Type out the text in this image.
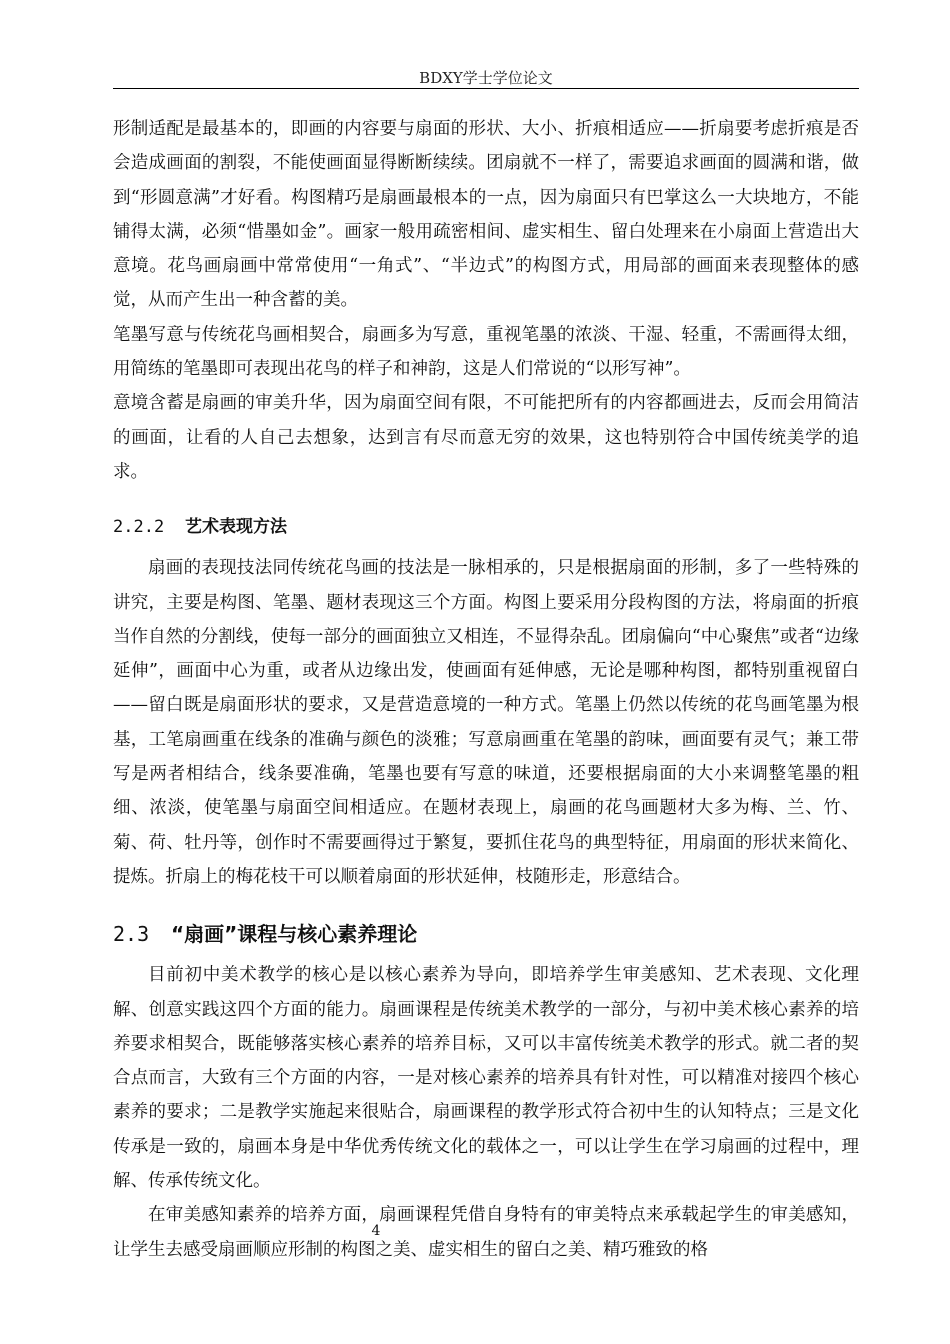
BDXY学士学位论文

形制适配是最基本的，即画的内容要与扇面的形状、大小、折痕相适应——折扇要考虑折痕是否会造成画面的割裂，不能使画面显得断断续续。团扇就不一样了，需要追求画面的圆满和谐，做到“形圆意满”才好看。构图精巧是扇画最根本的一点，因为扇面只有巴掌这么一大块地方，不能铺得太满，必须“惜墨如金”。画家一般用疏密相间、虚实相生、留白处理来在小扇面上营造出大意境。花鸟画扇画中常常使用“一角式”、“半边式”的构图方式，用局部的画面来表现整体的感觉，从而产生出一种含蓄的美。

笔墨写意与传统花鸟画相契合，扇画多为写意，重视笔墨的浓淡、干湿、轻重，不需画得太细，用简练的笔墨即可表现出花鸟的样子和神韵，这是人们常说的“以形写神”。

意境含蓄是扇画的审美升华，因为扇面空间有限，不可能把所有的内容都画进去，反而会用简洁的画面，让看的人自己去想象，达到言有尽而意无穷的效果，这也特别符合中国传统美学的追求。

2.2.2 艺术表现方法

扇画的表现技法同传统花鸟画的技法是一脉相承的，只是根据扇面的形制，多了一些特殊的讲究，主要是构图、笔墨、题材表现这三个方面。构图上要采用分段构图的方法，将扇面的折痕当作自然的分割线，使每一部分的画面独立又相连，不显得杂乱。团扇偏向“中心聚焦”或者“边缘延伸”，画面中心为重，或者从边缘出发，使画面有延伸感，无论是哪种构图，都特别重视留白——留白既是扇面形状的要求，又是营造意境的一种方式。笔墨上仍然以传统的花鸟画笔墨为根基，工笔扇画重在线条的准确与颜色的淡雅；写意扇画重在笔墨的韵味，画面要有灵气；兼工带写是两者相结合，线条要准确，笔墨也要有写意的味道，还要根据扇面的大小来调整笔墨的粗细、浓淡，使笔墨与扇面空间相适应。在题材表现上，扇画的花鸟画题材大多为梅、兰、竹、菊、荷、牡丹等，创作时不需要画得过于繁复，要抓住花鸟的典型特征，用扇面的形状来简化、提炼。折扇上的梅花枝干可以顺着扇面的形状延伸，枝随形走，形意结合。

2.3 “扇画”课程与核心素养理论

目前初中美术教学的核心是以核心素养为导向，即培养学生审美感知、艺术表现、文化理解、创意实践这四个方面的能力。扇画课程是传统美术教学的一部分，与初中美术核心素养的培养要求相契合，既能够落实核心素养的培养目标，又可以丰富传统美术教学的形式。就二者的契合点而言，大致有三个方面的内容，一是对核心素养的培养具有针对性，可以精准对接四个核心素养的要求；二是教学实施起来很贴合，扇画课程的教学形式符合初中生的认知特点；三是文化传承是一致的，扇画本身是中华优秀传统文化的载体之一，可以让学生在学习扇画的过程中，理解、传承传统文化。

在审美感知素养的培养方面，扇画课程凭借自身特有的审美特点来承载起学生的审美感知，让学生去感受扇画顺应形制的构图之美、虚实相生的留白之美、精巧雅致的格

4
